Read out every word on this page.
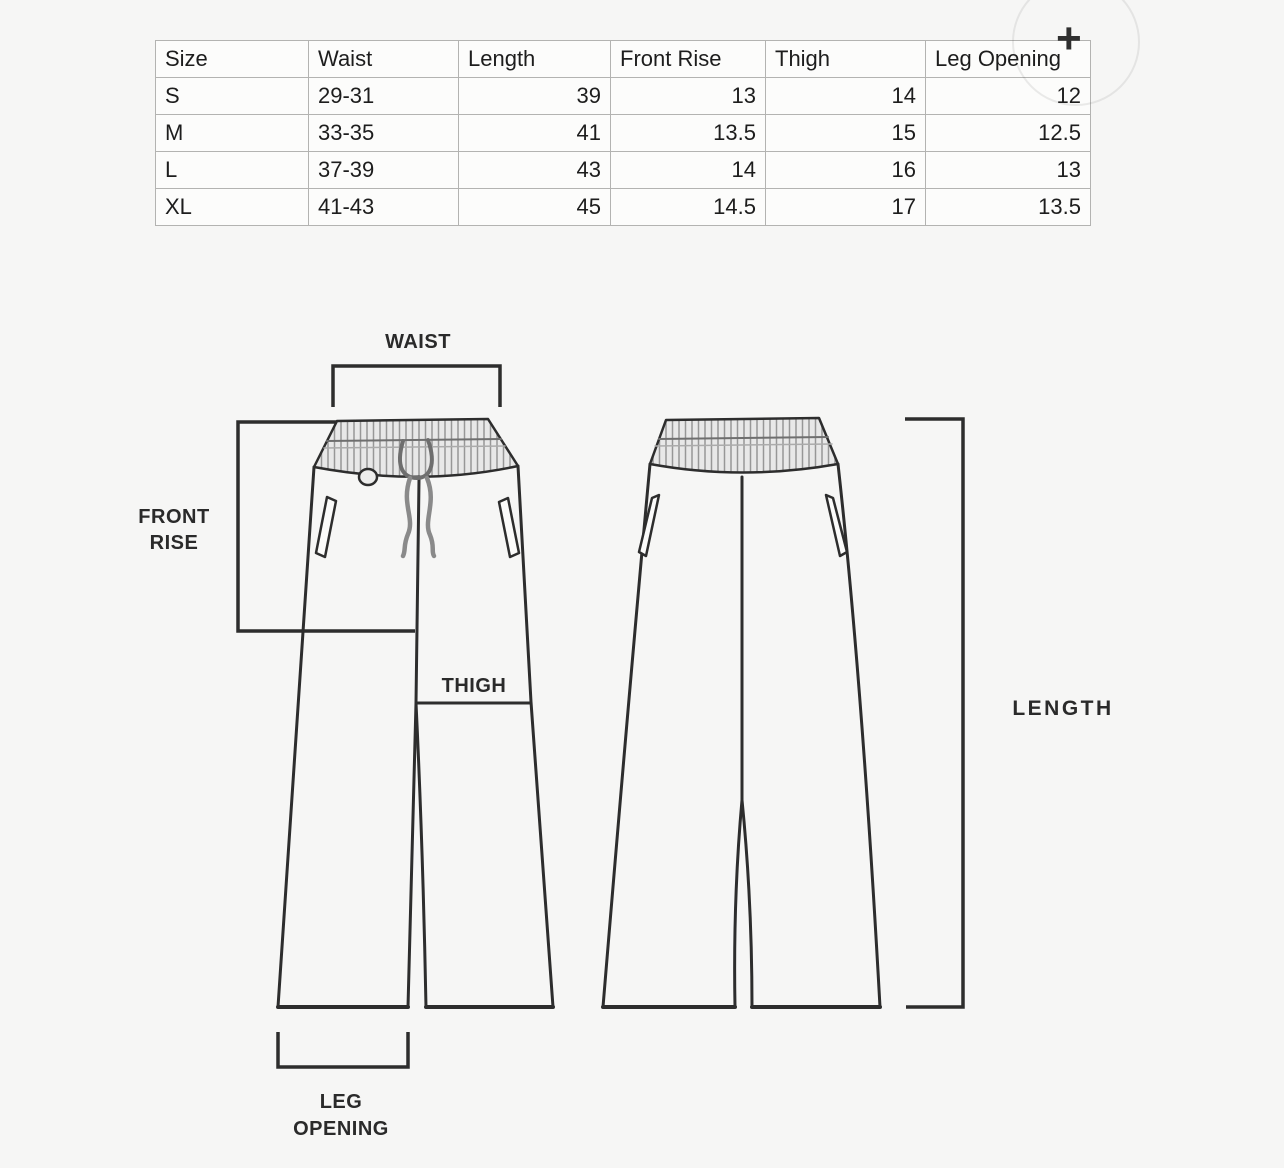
Size	Waist	Length	Front Rise	Thigh	Leg Opening
S	29-31	39	13	14	12
M	33-35	41	13.5	15	12.5
L	37-39	43	14	16	13
XL	41-43	45	14.5	17	13.5
+
WAIST
FRONT
RISE
THIGH
LEG
OPENING
LENGTH
